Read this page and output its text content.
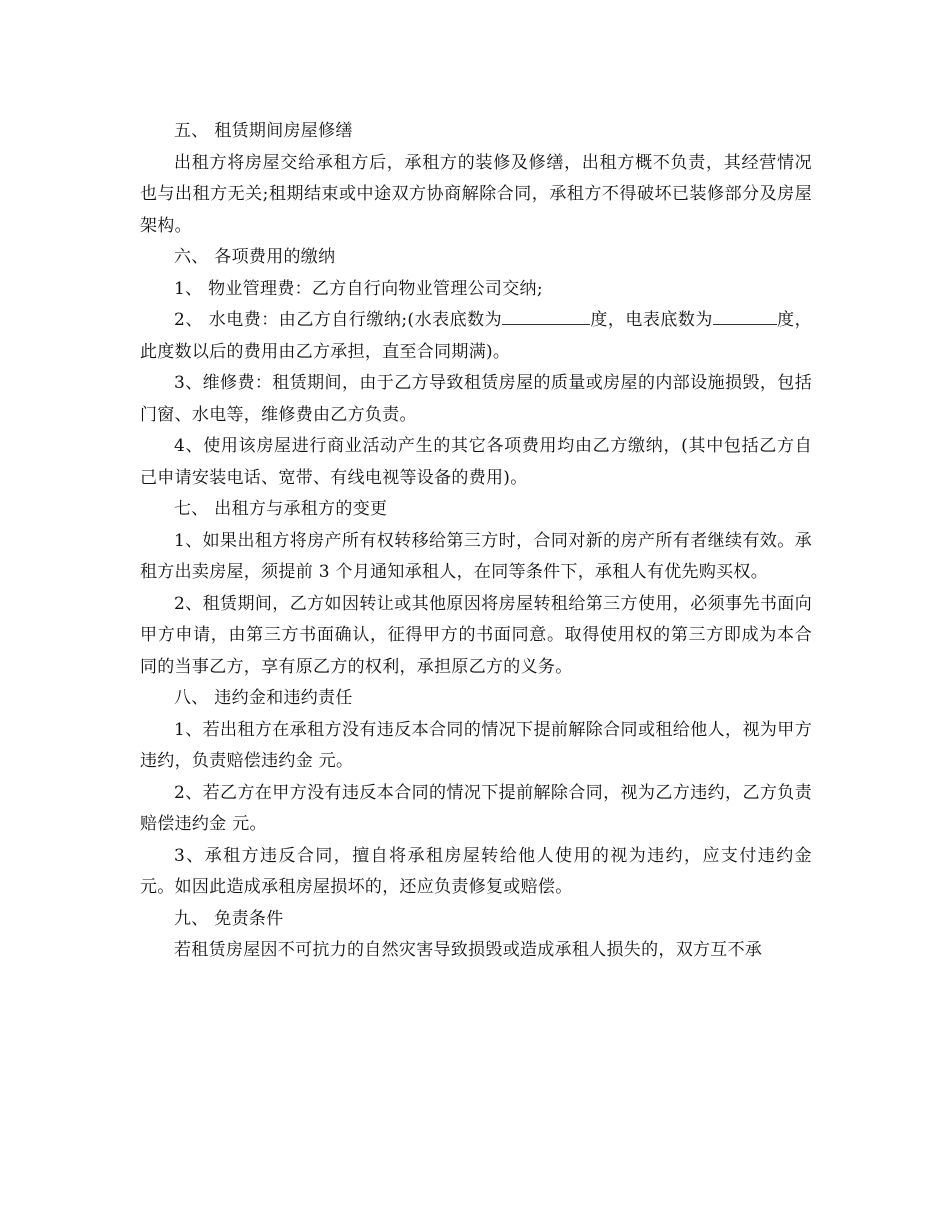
五、 租赁期间房屋修缮

出租方将房屋交给承租方后，承租方的装修及修缮，出租方概不负责，其经营情况也与出租方无关;租期结束或中途双方协商解除合同，承租方不得破坏已装修部分及房屋架构。

六、 各项费用的缴纳

1、 物业管理费：乙方自行向物业管理公司交纳;

2、 水电费：由乙方自行缴纳;(水表底数为	度，电表底数为	度，此度数以后的费用由乙方承担，直至合同期满)。

3、维修费：租赁期间，由于乙方导致租赁房屋的质量或房屋的内部设施损毁，包括门窗、水电等，维修费由乙方负责。

4、使用该房屋进行商业活动产生的其它各项费用均由乙方缴纳，(其中包括乙方自己申请安装电话、宽带、有线电视等设备的费用)。

七、 出租方与承租方的变更

1、如果出租方将房产所有权转移给第三方时，合同对新的房产所有者继续有效。承租方出卖房屋，须提前 3 个月通知承租人，在同等条件下，承租人有优先购买权。

2、租赁期间，乙方如因转让或其他原因将房屋转租给第三方使用，必须事先书面向甲方申请，由第三方书面确认，征得甲方的书面同意。取得使用权的第三方即成为本合同的当事乙方，享有原乙方的权利，承担原乙方的义务。

八、 违约金和违约责任

1、若出租方在承租方没有违反本合同的情况下提前解除合同或租给他人，视为甲方违约，负责赔偿违约金 元。

2、若乙方在甲方没有违反本合同的情况下提前解除合同，视为乙方违约，乙方负责赔偿违约金 元。

3、承租方违反合同，擅自将承租房屋转给他人使用的视为违约，应支付违约金 元。如因此造成承租房屋损坏的，还应负责修复或赔偿。

九、 免责条件

若租赁房屋因不可抗力的自然灾害导致损毁或造成承租人损失的，双方互不承
